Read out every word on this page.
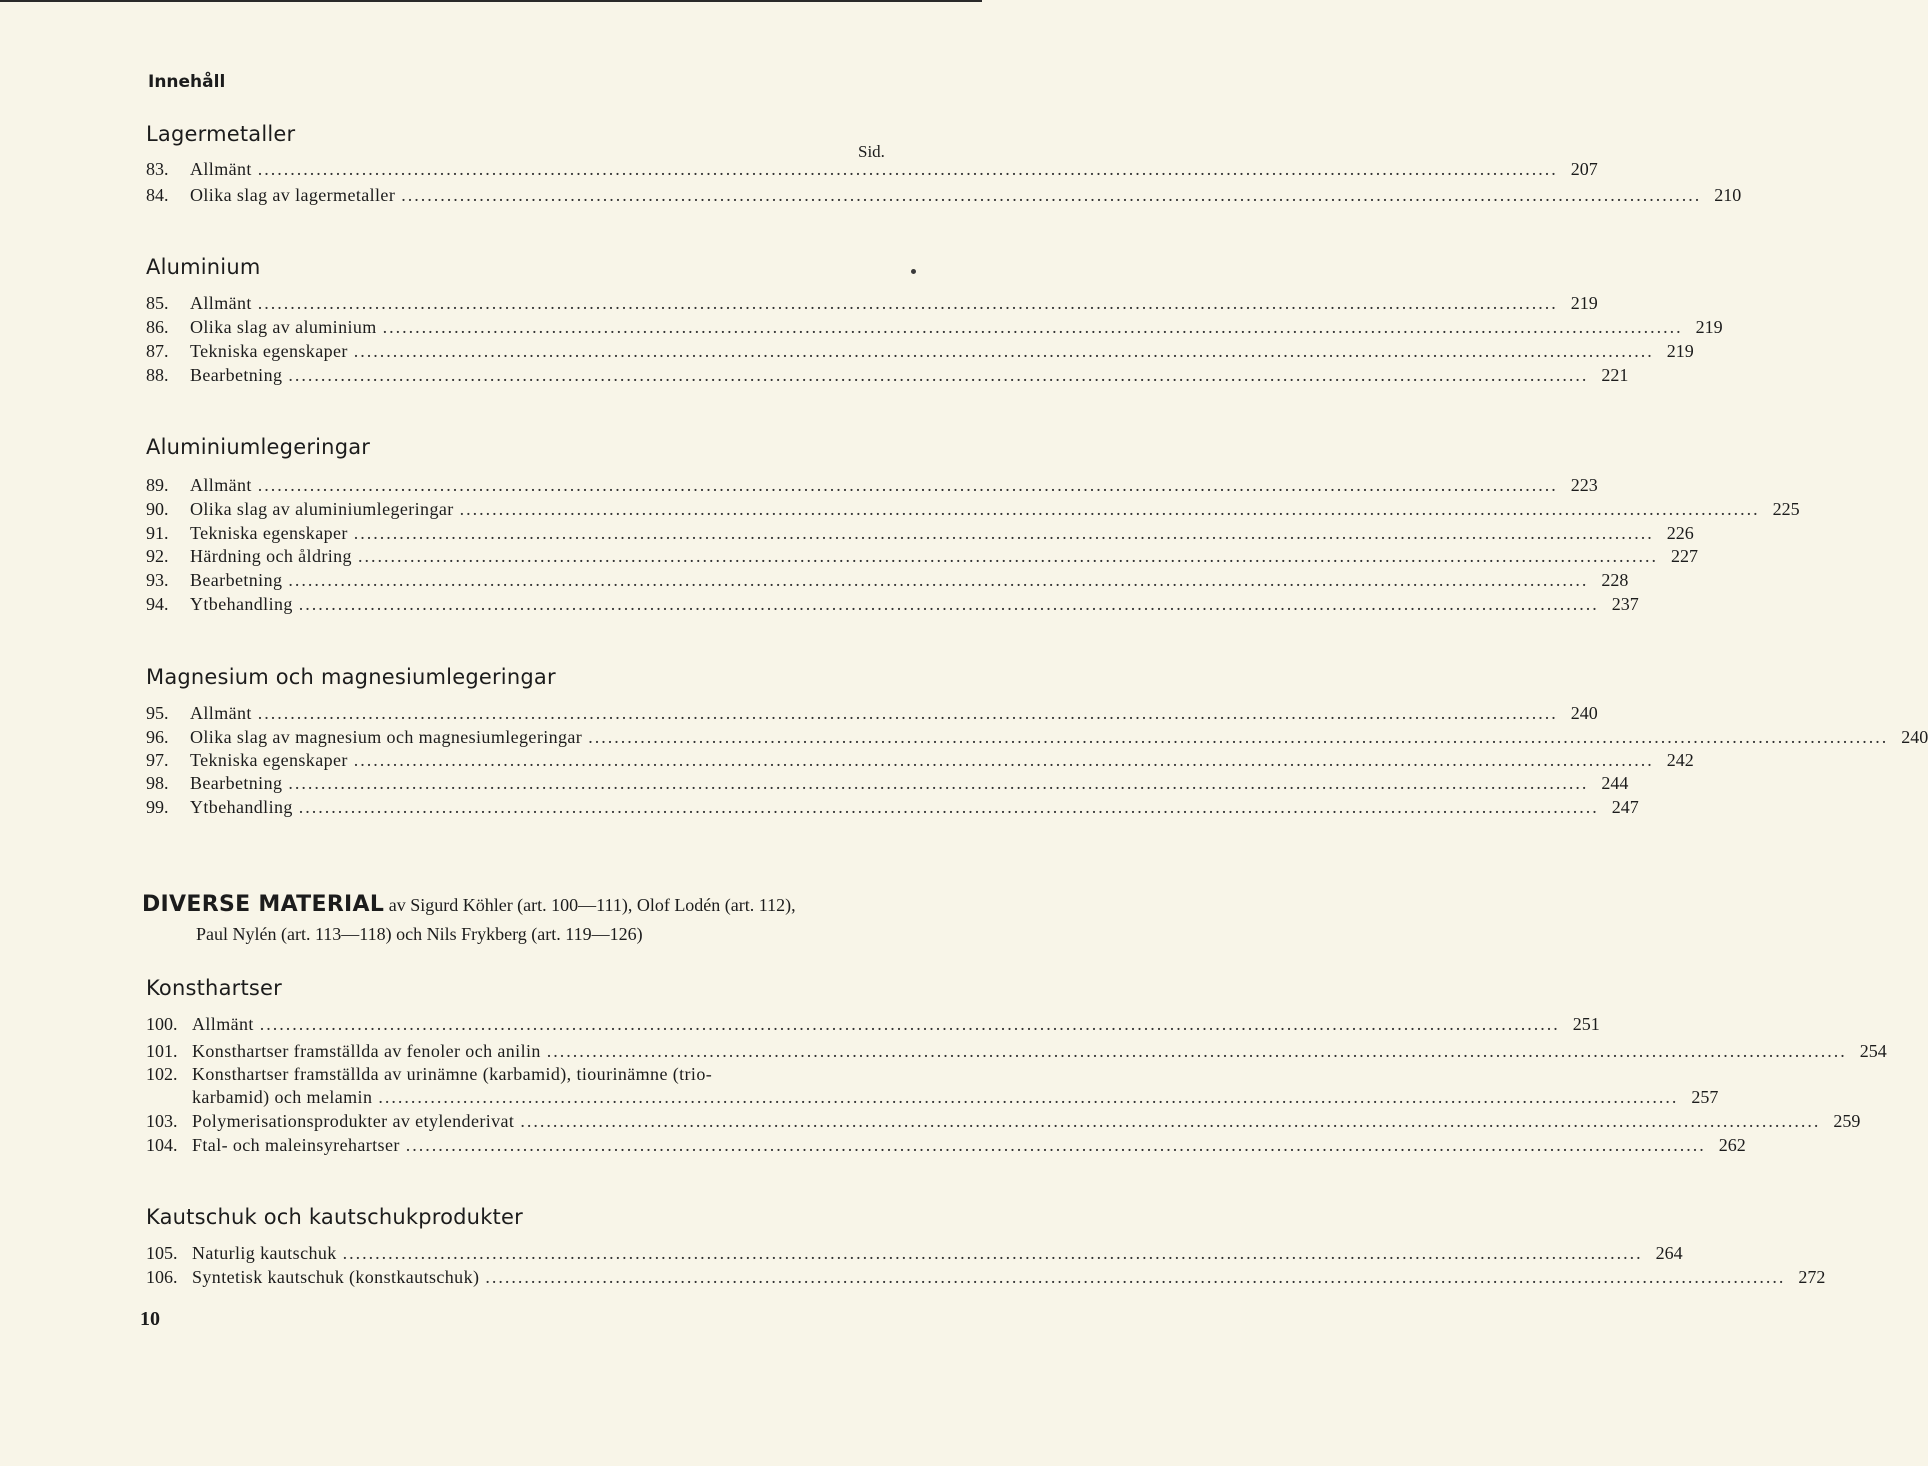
Innehåll
Sid.
Lagermetaller
83.	Allmänt ........................................................................................................................................................................................................ 207
84.	Olika slag av lagermetaller ........................................................................................................................................................................................................ 210
Aluminium
85.	Allmänt ........................................................................................................................................................................................................ 219
86.	Olika slag av aluminium ........................................................................................................................................................................................................ 219
87.	Tekniska egenskaper ........................................................................................................................................................................................................ 219
88.	Bearbetning ........................................................................................................................................................................................................ 221
Aluminiumlegeringar
89.	Allmänt ........................................................................................................................................................................................................ 223
90.	Olika slag av aluminiumlegeringar ........................................................................................................................................................................................................ 225
91.	Tekniska egenskaper ........................................................................................................................................................................................................ 226
92.	Härdning och åldring ........................................................................................................................................................................................................ 227
93.	Bearbetning ........................................................................................................................................................................................................ 228
94.	Ytbehandling ........................................................................................................................................................................................................ 237
Magnesium och magnesiumlegeringar
95.	Allmänt ........................................................................................................................................................................................................ 240
96.	Olika slag av magnesium och magnesiumlegeringar ........................................................................................................................................................................................................ 240
97.	Tekniska egenskaper ........................................................................................................................................................................................................ 242
98.	Bearbetning ........................................................................................................................................................................................................ 244
99.	Ytbehandling ........................................................................................................................................................................................................ 247
DIVERSE MATERIAL av Sigurd Köhler (art. 100—111), Olof Lodén (art. 112),
Paul Nylén (art. 113—118) och Nils Frykberg (art. 119—126)
Konsthartser
100. Allmänt ........................................................................................................................................................................................................ 251
101. Konsthartser framställda av fenoler och anilin ........................................................................................................................................................................................................ 254
102. Konsthartser framställda av urinämne (karbamid), tiourinämne (trio-
karbamid) och melamin ........................................................................................................................................................................................................ 257
103. Polymerisationsprodukter av etylenderivat ........................................................................................................................................................................................................ 259
104. Ftal- och maleinsyrehartser ........................................................................................................................................................................................................ 262
Kautschuk och kautschukprodukter
105. Naturlig kautschuk ........................................................................................................................................................................................................ 264
106. Syntetisk kautschuk (konstkautschuk) ........................................................................................................................................................................................................ 272
10
